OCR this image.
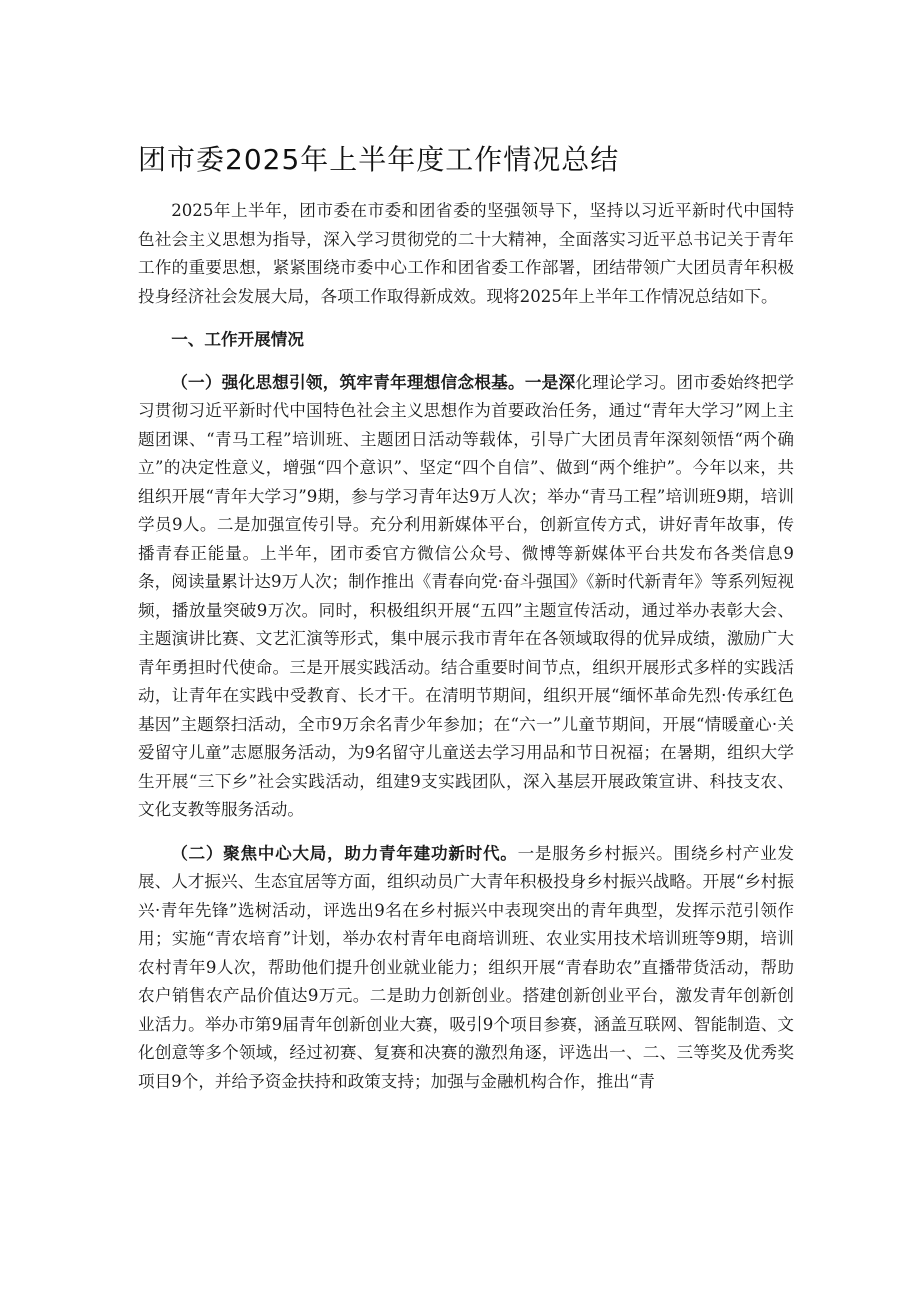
团市委2025年上半年度工作情况总结

2025年上半年，团市委在市委和团省委的坚强领导下，坚持以习近平新时代中国特色社会主义思想为指导，深入学习贯彻党的二十大精神，全面落实习近平总书记关于青年工作的重要思想，紧紧围绕市委中心工作和团省委工作部署，团结带领广大团员青年积极投身经济社会发展大局，各项工作取得新成效。现将2025年上半年工作情况总结如下。

一、工作开展情况

（一）强化思想引领，筑牢青年理想信念根基。一是深化理论学习。团市委始终把学习贯彻习近平新时代中国特色社会主义思想作为首要政治任务，通过“青年大学习”网上主题团课、“青马工程”培训班、主题团日活动等载体，引导广大团员青年深刻领悟“两个确立”的决定性意义，增强“四个意识”、坚定“四个自信”、做到“两个维护”。今年以来，共组织开展“青年大学习”9期，参与学习青年达9万人次；举办“青马工程”培训班9期，培训学员9人。二是加强宣传引导。充分利用新媒体平台，创新宣传方式，讲好青年故事，传播青春正能量。上半年，团市委官方微信公众号、微博等新媒体平台共发布各类信息9条，阅读量累计达9万人次；制作推出《青春向党·奋斗强国》《新时代新青年》等系列短视频，播放量突破9万次。同时，积极组织开展“五四”主题宣传活动，通过举办表彰大会、主题演讲比赛、文艺汇演等形式，集中展示我市青年在各领域取得的优异成绩，激励广大青年勇担时代使命。三是开展实践活动。结合重要时间节点，组织开展形式多样的实践活动，让青年在实践中受教育、长才干。在清明节期间，组织开展“缅怀革命先烈·传承红色基因”主题祭扫活动，全市9万余名青少年参加；在“六一”儿童节期间，开展“情暖童心·关爱留守儿童”志愿服务活动，为9名留守儿童送去学习用品和节日祝福；在暑期，组织大学生开展“三下乡”社会实践活动，组建9支实践团队，深入基层开展政策宣讲、科技支农、文化支教等服务活动。

（二）聚焦中心大局，助力青年建功新时代。一是服务乡村振兴。围绕乡村产业发展、人才振兴、生态宜居等方面，组织动员广大青年积极投身乡村振兴战略。开展“乡村振兴·青年先锋”选树活动，评选出9名在乡村振兴中表现突出的青年典型，发挥示范引领作用；实施“青农培育”计划，举办农村青年电商培训班、农业实用技术培训班等9期，培训农村青年9人次，帮助他们提升创业就业能力；组织开展“青春助农”直播带货活动，帮助农户销售农产品价值达9万元。二是助力创新创业。搭建创新创业平台，激发青年创新创业活力。举办市第9届青年创新创业大赛，吸引9个项目参赛，涵盖互联网、智能制造、文化创意等多个领域，经过初赛、复赛和决赛的激烈角逐，评选出一、二、三等奖及优秀奖项目9个，并给予资金扶持和政策支持；加强与金融机构合作，推出“青
